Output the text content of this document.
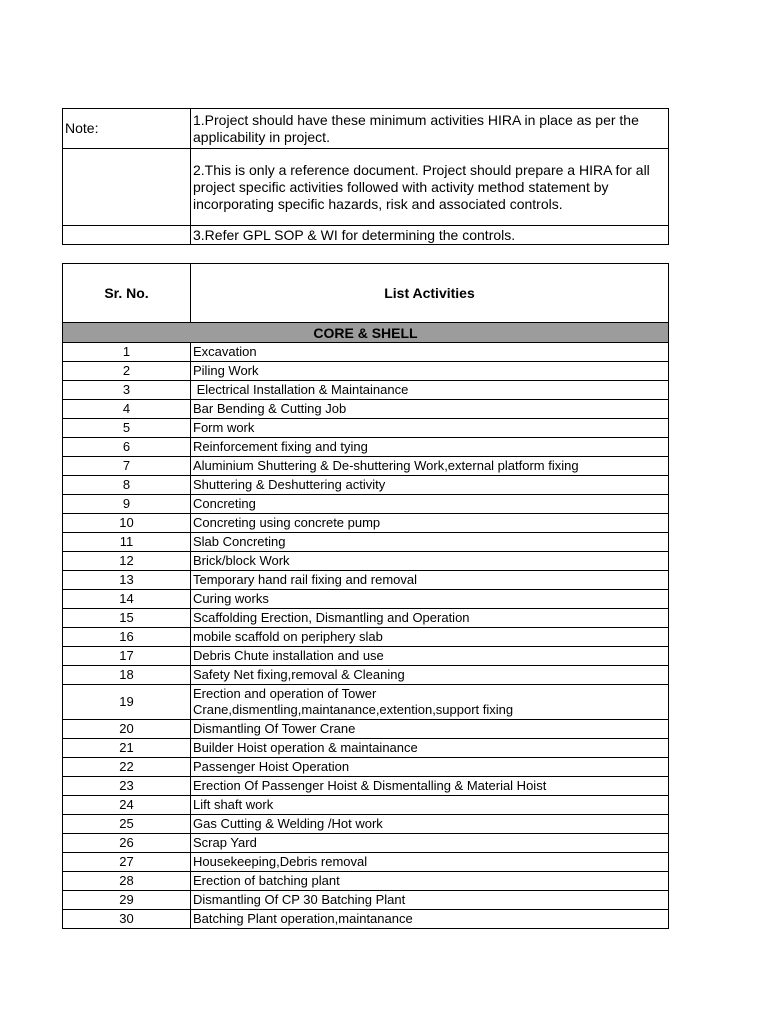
Note:	1.Project should have these minimum activities HIRA in place as per the applicability in project.
	2.This is only a reference document. Project should prepare a HIRA for all project specific activities followed with activity method statement by incorporating specific hazards, risk and associated controls.
	3.Refer GPL SOP & WI for determining the controls.
Sr. No.	List Activities
CORE & SHELL	
1	Excavation
2	Piling Work
3	Electrical Installation & Maintainance
4	Bar Bending & Cutting Job
5	Form work
6	Reinforcement fixing and tying
7	Aluminium Shuttering & De-shuttering Work,external platform fixing
8	Shuttering & Deshuttering activity
9	Concreting
10	Concreting using concrete pump
11	Slab Concreting
12	Brick/block Work
13	Temporary hand rail fixing and removal
14	Curing works
15	Scaffolding Erection, Dismantling and Operation
16	mobile scaffold on periphery slab
17	Debris Chute installation and use
18	Safety Net fixing,removal & Cleaning
19	Erection and operation of Tower Crane,dismentling,maintanance,extention,support fixing
20	Dismantling Of Tower Crane
21	Builder Hoist operation & maintainance
22	Passenger Hoist Operation
23	Erection Of Passenger Hoist & Dismentalling & Material Hoist
24	Lift shaft work
25	Gas Cutting & Welding /Hot work
26	Scrap Yard
27	Housekeeping,Debris removal
28	Erection of batching plant
29	Dismantling Of CP 30 Batching Plant
30	Batching Plant operation,maintanance
